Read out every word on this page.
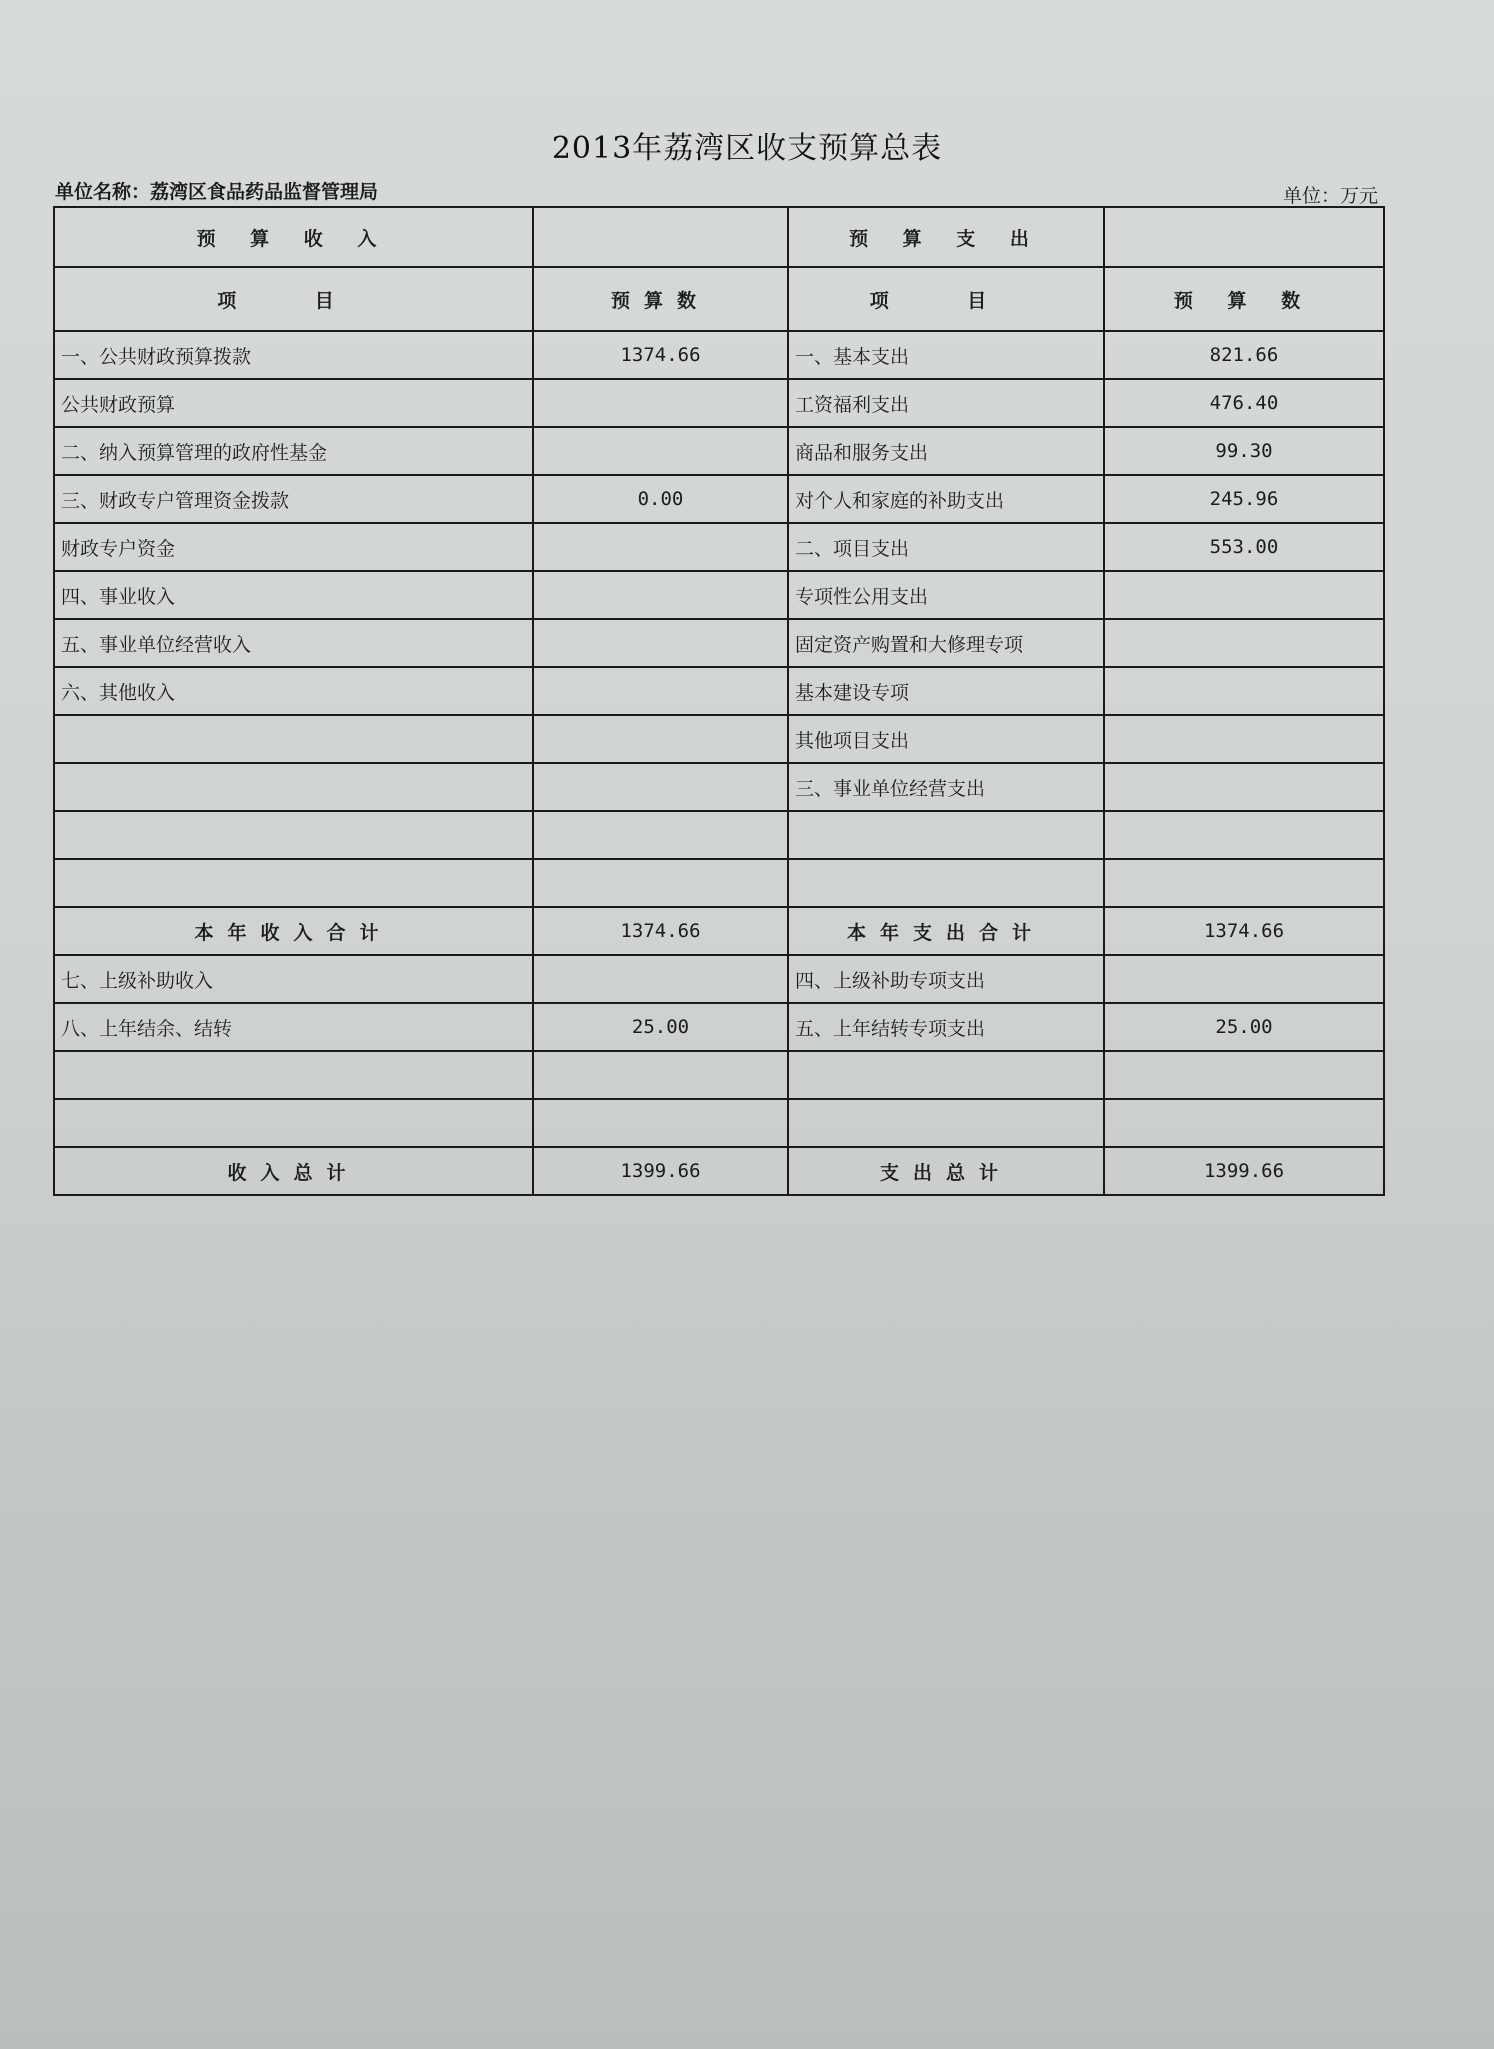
2013年荔湾区收支预算总表
单位名称：荔湾区食品药品监督管理局	单位：万元
预 算 收 入		预 算 支 出	
项 目	预算数	项 目	预 算 数
一、公共财政预算拨款	1374.66	一、基本支出	821.66
公共财政预算		工资福利支出	476.40
二、纳入预算管理的政府性基金		商品和服务支出	99.30
三、财政专户管理资金拨款	0.00	对个人和家庭的补助支出	245.96
财政专户资金		二、项目支出	553.00
四、事业收入		专项性公用支出	
五、事业单位经营收入		固定资产购置和大修理专项	
六、其他收入		基本建设专项	
		其他项目支出	
		三、事业单位经营支出	

本年收入合计	1374.66	本年支出合计	1374.66
七、上级补助收入		四、上级补助专项支出	
八、上年结余、结转	25.00	五、上年结转专项支出	25.00

收入总计	1399.66	支出总计	1399.66
